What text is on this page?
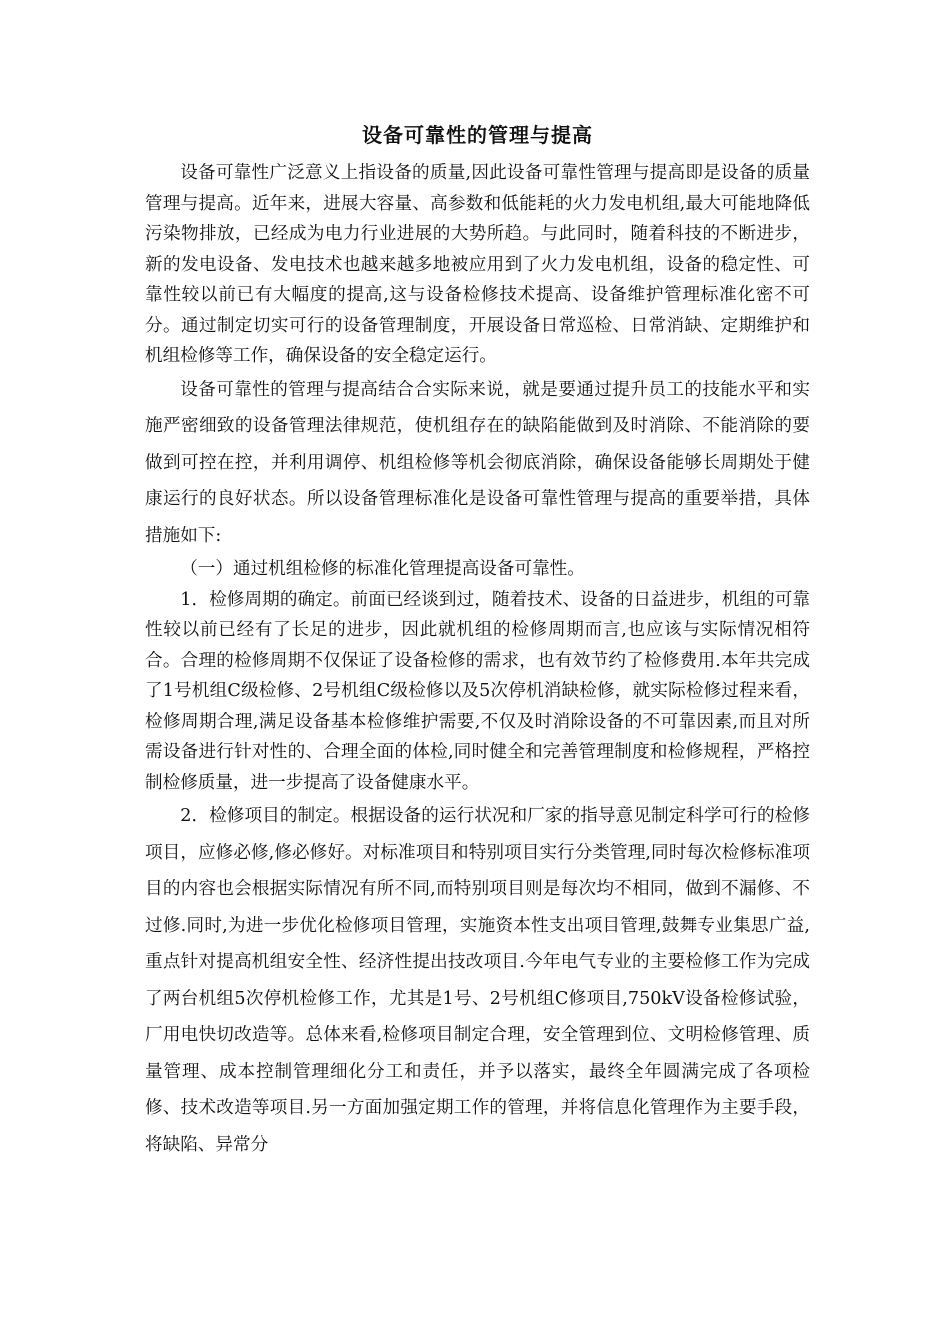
设备可靠性的管理与提高

设备可靠性广泛意义上指设备的质量,因此设备可靠性管理与提高即是设备的质量管理与提高。近年来，进展大容量、高参数和低能耗的火力发电机组,最大可能地降低污染物排放，已经成为电力行业进展的大势所趋。与此同时，随着科技的不断进步，新的发电设备、发电技术也越来越多地被应用到了火力发电机组，设备的稳定性、可靠性较以前已有大幅度的提高,这与设备检修技术提高、设备维护管理标准化密不可分。通过制定切实可行的设备管理制度，开展设备日常巡检、日常消缺、定期维护和机组检修等工作，确保设备的安全稳定运行。

设备可靠性的管理与提高结合合实际来说，就是要通过提升员工的技能水平和实施严密细致的设备管理法律规范，使机组存在的缺陷能做到及时消除、不能消除的要做到可控在控，并利用调停、机组检修等机会彻底消除，确保设备能够长周期处于健康运行的良好状态。所以设备管理标准化是设备可靠性管理与提高的重要举措，具体措施如下:

（一）通过机组检修的标准化管理提高设备可靠性。

1．检修周期的确定。前面已经谈到过，随着技术、设备的日益进步，机组的可靠性较以前已经有了长足的进步，因此就机组的检修周期而言,也应该与实际情况相符合。合理的检修周期不仅保证了设备检修的需求，也有效节约了检修费用.本年共完成了1号机组C级检修、2号机组C级检修以及5次停机消缺检修，就实际检修过程来看，检修周期合理,满足设备基本检修维护需要,不仅及时消除设备的不可靠因素,而且对所需设备进行针对性的、合理全面的体检,同时健全和完善管理制度和检修规程，严格控制检修质量，进一步提高了设备健康水平。

2．检修项目的制定。根据设备的运行状况和厂家的指导意见制定科学可行的检修项目，应修必修,修必修好。对标准项目和特别项目实行分类管理,同时每次检修标准项目的内容也会根据实际情况有所不同,而特别项目则是每次均不相同，做到不漏修、不过修.同时,为进一步优化检修项目管理，实施资本性支出项目管理,鼓舞专业集思广益,重点针对提高机组安全性、经济性提出技改项目.今年电气专业的主要检修工作为完成了两台机组5次停机检修工作，尤其是1号、2号机组C修项目,750kV设备检修试验，厂用电快切改造等。总体来看,检修项目制定合理，安全管理到位、文明检修管理、质量管理、成本控制管理细化分工和责任，并予以落实，最终全年圆满完成了各项检修、技术改造等项目.另一方面加强定期工作的管理，并将信息化管理作为主要手段，将缺陷、异常分
